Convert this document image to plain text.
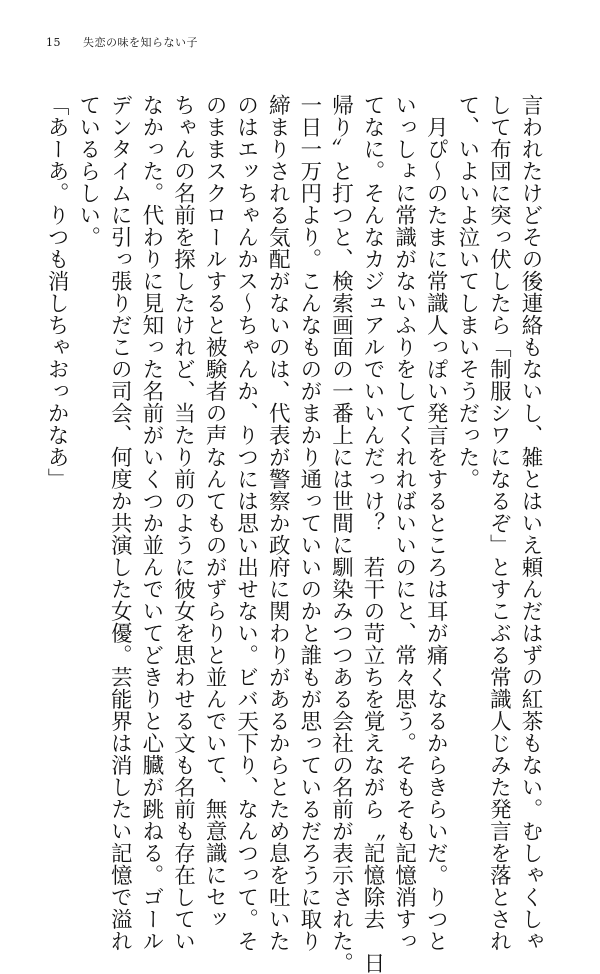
15 失恋の味を知らない子

言われたけどその後連絡もないし、雑とはいえ頼んだはずの紅茶もない。むしゃくしゃ

して布団に突っ伏したら「制服シワになるぞ」とすこぶる常識人じみた発言を落とされ

て、いよいよ泣いてしまいそうだった。

　月ぴ〜のたまに常識人っぽい発言をするところは耳が痛くなるからきらいだ。りつと

いっしょに常識がないふりをしてくれればいいのにと、常々思う。そもそも記憶消すっ

てなに。そんなカジュアルでいいんだっけ？　若干の苛立ちを覚えながら〝記憶除去　日

帰り〟と打つと、検索画面の一番上には世間に馴染みつつある会社の名前が表示された。

一日一万円より。こんなものがまかり通っていいのかと誰もが思っているだろうに取り

締まりされる気配がないのは、代表が警察か政府に関わりがあるからとため息を吐いた

のはエッちゃんかス〜ちゃんか、りつには思い出せない。ビバ天下り、なんつって。そ

のままスクロールすると被験者の声なんてものがずらりと並んでいて、無意識にセッ

ちゃんの名前を探したけれど、当たり前のように彼女を思わせる文も名前も存在してい

なかった。代わりに見知った名前がいくつか並んでいてどきりと心臓が跳ねる。ゴール

デンタイムに引っ張りだこの司会、何度か共演した女優。芸能界は消したい記憶で溢れ

ているらしい。

「あーあ。りつも消しちゃおっかなあ」
